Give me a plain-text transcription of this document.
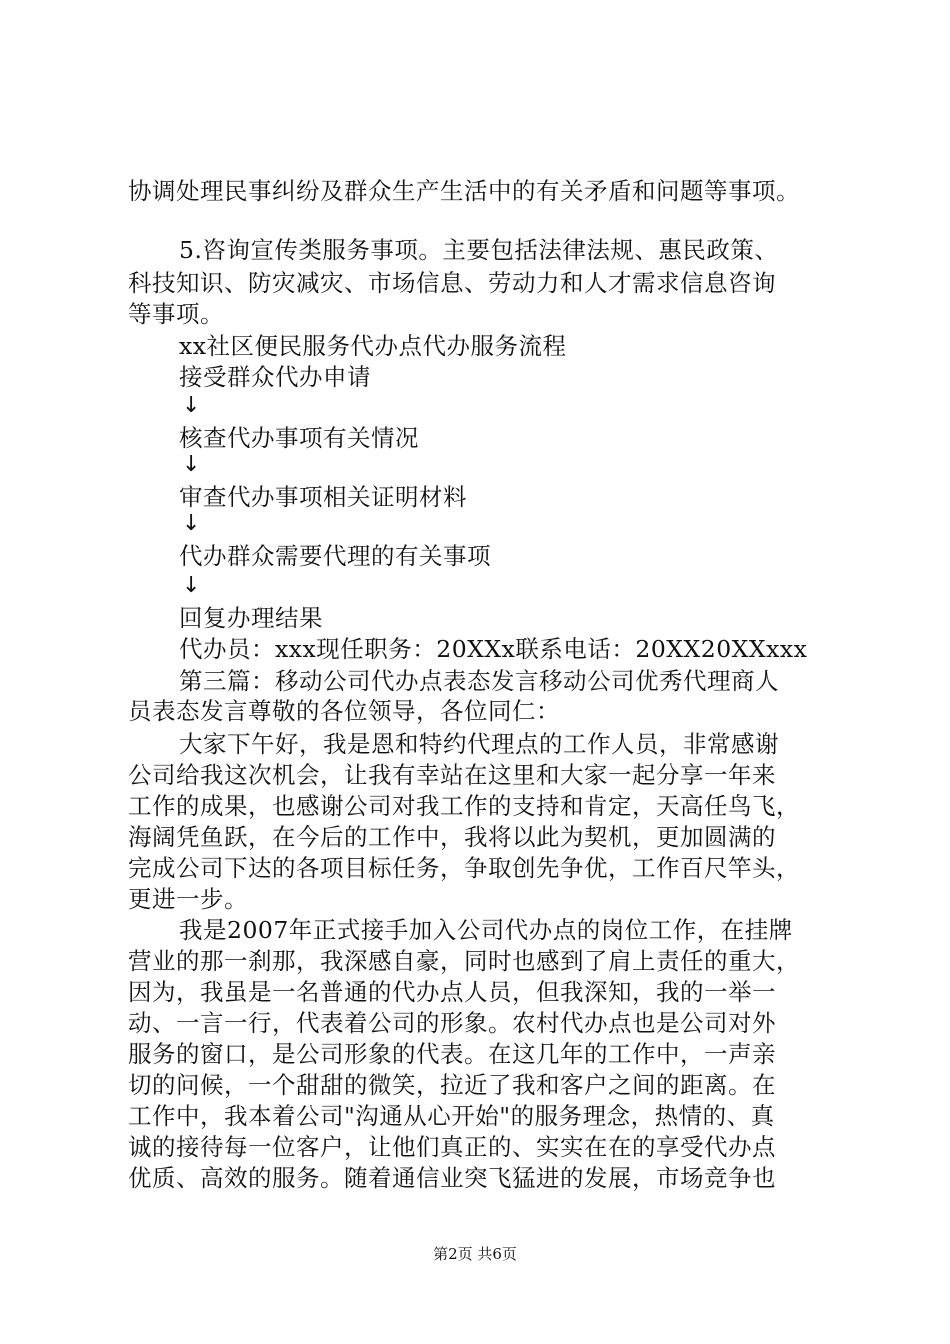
协调处理民事纠纷及群众生产生活中的有关矛盾和问题等事项。
5.咨询宣传类服务事项。主要包括法律法规、惠民政策、
科技知识、防灾减灾、市场信息、劳动力和人才需求信息咨询
等事项。
xx社区便民服务代办点代办服务流程
接受群众代办申请
↓
核查代办事项有关情况
↓
审查代办事项相关证明材料
↓
代办群众需要代理的有关事项
↓
回复办理结果
代办员：xxx现任职务：20XXx联系电话：20XX20XXxxx
第三篇：移动公司代办点表态发言移动公司优秀代理商人
员表态发言尊敬的各位领导，各位同仁：
大家下午好，我是恩和特约代理点的工作人员，非常感谢
公司给我这次机会，让我有幸站在这里和大家一起分享一年来
工作的成果，也感谢公司对我工作的支持和肯定，天高任鸟飞，
海阔凭鱼跃，在今后的工作中，我将以此为契机，更加圆满的
完成公司下达的各项目标任务，争取创先争优，工作百尺竿头，
更进一步。
我是2007年正式接手加入公司代办点的岗位工作，在挂牌
营业的那一刹那，我深感自豪，同时也感到了肩上责任的重大，
因为，我虽是一名普通的代办点人员，但我深知，我的一举一
动、一言一行，代表着公司的形象。农村代办点也是公司对外
服务的窗口，是公司形象的代表。在这几年的工作中，一声亲
切的问候，一个甜甜的微笑，拉近了我和客户之间的距离。在
工作中，我本着公司"沟通从心开始"的服务理念，热情的、真
诚的接待每一位客户，让他们真正的、实实在在的享受代办点
优质、高效的服务。随着通信业突飞猛进的发展，市场竞争也
第2页 共6页
